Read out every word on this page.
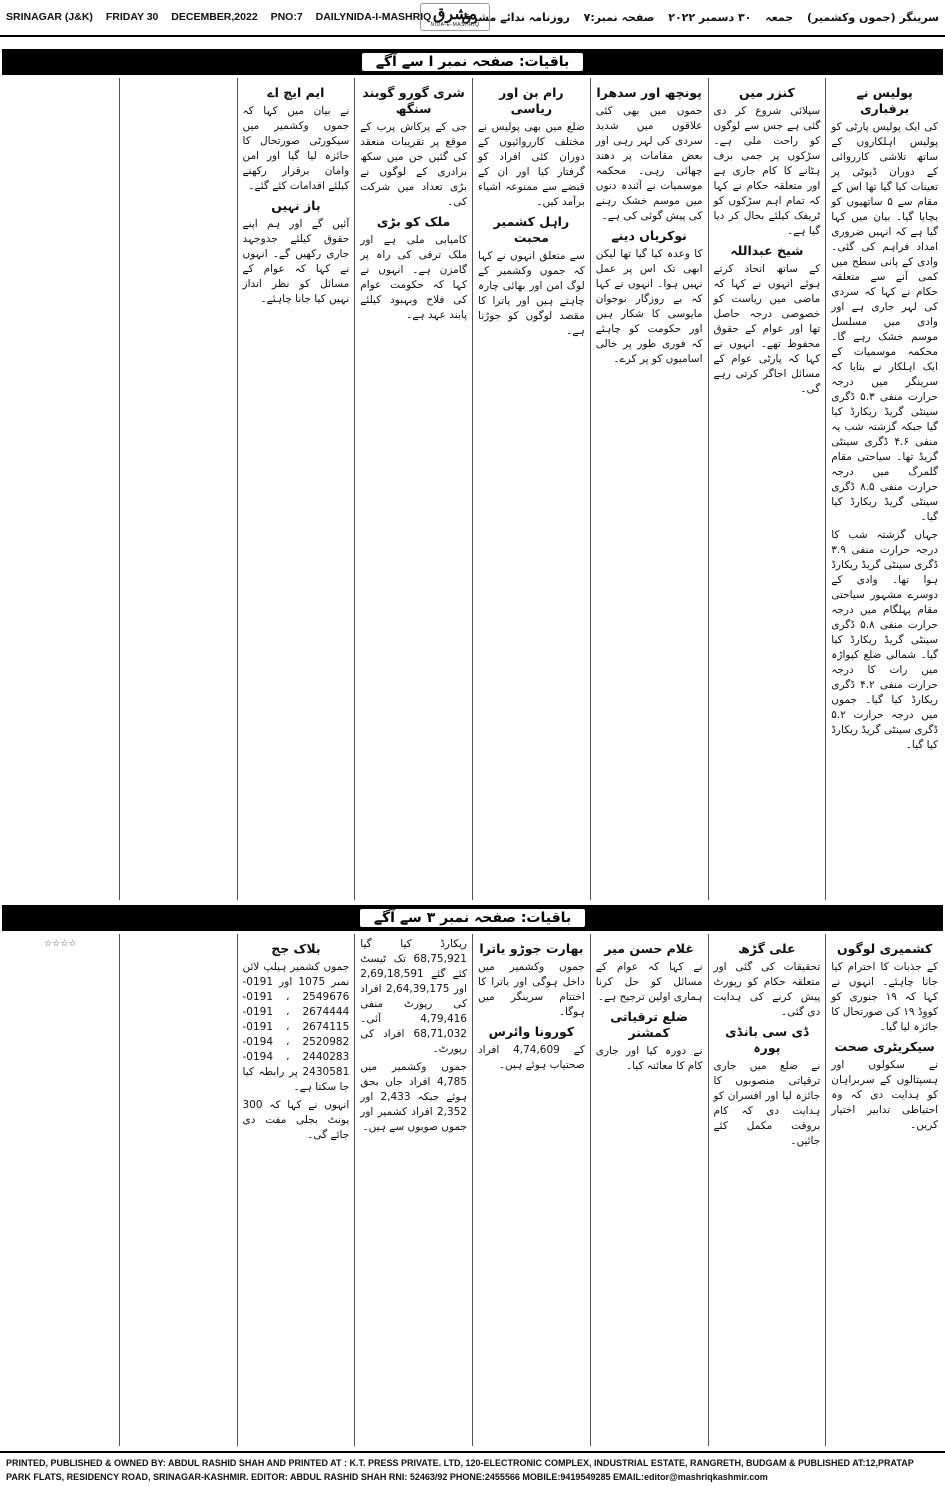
SRINAGAR (J&K) FRIDAY 30 DECEMBER,2022 PNO:7 DAILYNIDA-I-MASHRIQ مشرق
NIDA-E-MASHRIQ
سرینگر (جموں وکشمیر) جمعہ ۳۰ دسمبر ۲۰۲۲ صفحہ نمبر:۷ روزنامہ ندائے مشرق
باقیات: صفحہ نمبر ا سے آگے
پولیس نے برفباری

کی ایک پولیس پارٹی کو پولیس اہلکاروں کے ساتھ تلاشی کارروائی کے دوران ڈیوٹی پر تعینات کیا گیا تھا اس کے مقام سے ۵ ساتھیوں کو بچایا گیا۔ بیان میں کہا گیا ہے کہ انہیں ضروری امداد فراہم کی گئی۔ وادی کے پانی سطح میں کمی آنے سے متعلقہ حکام نے کہا کہ سردی کی لہر جاری ہے اور وادی میں مسلسل موسم خشک رہے گا۔ محکمہ موسمیات کے ایک اہلکار نے بتایا کہ سرینگر میں درجہ حرارت منفی ۵.۳ ڈگری سینٹی گریڈ ریکارڈ کیا گیا جبکہ گزشتہ شب یہ منفی ۴.۶ ڈگری سینٹی گریڈ تھا۔ سیاحتی مقام گلمرگ میں درجہ حرارت منفی ۸.۵ ڈگری سینٹی گریڈ ریکارڈ کیا گیا۔

جہاں گزشتہ شب کا درجہ حرارت منفی ۳.۹ ڈگری سینٹی گریڈ ریکارڈ ہوا تھا۔ وادی کے دوسرے مشہور سیاحتی مقام پہلگام میں درجہ حرارت منفی ۵.۸ ڈگری سینٹی گریڈ ریکارڈ کیا گیا۔ شمالی ضلع کپواڑہ میں رات کا درجہ حرارت منفی ۴.۲ ڈگری ریکارڈ کیا گیا۔ جموں میں درجہ حرارت ۵.۲ ڈگری سینٹی گریڈ ریکارڈ کیا گیا۔

کنزر میں

سپلائی شروع کر دی گئی ہے جس سے لوگوں کو راحت ملی ہے۔ سڑکوں پر جمی برف ہٹانے کا کام جاری ہے اور متعلقہ حکام نے کہا کہ تمام اہم سڑکوں کو ٹریفک کیلئے بحال کر دیا گیا ہے۔

شیخ عبداللہ

کے ساتھ اتحاد کرتے ہوئے انہوں نے کہا کہ ماضی میں ریاست کو خصوصی درجہ حاصل تھا اور عوام کے حقوق محفوظ تھے۔ انہوں نے کہا کہ پارٹی عوام کے مسائل اجاگر کرتی رہے گی۔

پونچھ اور سدھرا

جموں میں بھی کئی علاقوں میں شدید سردی کی لہر رہی اور بعض مقامات پر دھند چھائی رہی۔ محکمہ موسمیات نے آئندہ دنوں میں موسم خشک رہنے کی پیش گوئی کی ہے۔

نوکریاں دینے

کا وعدہ کیا گیا تھا لیکن ابھی تک اس پر عمل نہیں ہوا۔ انہوں نے کہا کہ بے روزگار نوجوان مایوسی کا شکار ہیں اور حکومت کو چاہئے کہ فوری طور پر خالی اسامیوں کو پر کرے۔

رام بن اور ریاسی

ضلع میں بھی پولیس نے مختلف کارروائیوں کے دوران کئی افراد کو گرفتار کیا اور ان کے قبضے سے ممنوعہ اشیاء برآمد کیں۔

راہل کشمیر محبت

سے متعلق انہوں نے کہا کہ جموں وکشمیر کے لوگ امن اور بھائی چارہ چاہتے ہیں اور یاترا کا مقصد لوگوں کو جوڑنا ہے۔

شری گورو گوبند سنگھ

جی کے پرکاش پرب کے موقع پر تقریبات منعقد کی گئیں جن میں سکھ برادری کے لوگوں نے بڑی تعداد میں شرکت کی۔

ملک کو بڑی

کامیابی ملی ہے اور ملک ترقی کی راہ پر گامزن ہے۔ انہوں نے کہا کہ حکومت عوام کی فلاح وبہبود کیلئے پابند عہد ہے۔

ایم ایچ اے

نے بیان میں کہا کہ جموں وکشمیر میں سیکورٹی صورتحال کا جائزہ لیا گیا اور امن وامان برقرار رکھنے کیلئے اقدامات کئے گئے۔

باز نہیں

آئیں گے اور ہم اپنے حقوق کیلئے جدوجہد جاری رکھیں گے۔ انہوں نے کہا کہ عوام کے مسائل کو نظر انداز نہیں کیا جانا چاہئے۔

باقیات: صفحہ نمبر ۳ سے آگے
کشمیری لوگوں

کے جذبات کا احترام کیا جانا چاہئے۔ انہوں نے کہا کہ ۱۹ جنوری کو کووِڈ ۱۹ کی صورتحال کا جائزہ لیا گیا۔

سیکریٹری صحت

نے سکولوں اور ہسپتالوں کے سربراہان کو ہدایت دی کہ وہ احتیاطی تدابیر اختیار کریں۔

علی گڑھ

تحقیقات کی گئی اور متعلقہ حکام کو رپورٹ پیش کرنے کی ہدایت دی گئی۔

ڈی سی بانڈی پورہ

نے ضلع میں جاری ترقیاتی منصوبوں کا جائزہ لیا اور افسران کو ہدایت دی کہ کام بروقت مکمل کئے جائیں۔

غلام حسن میر

نے کہا کہ عوام کے مسائل کو حل کرنا ہماری اولین ترجیح ہے۔

ضلع ترقیاتی کمشنر

نے دورہ کیا اور جاری کام کا معائنہ کیا۔

بھارت جوڑو یاترا

جموں وکشمیر میں داخل ہوگی اور یاترا کا اختتام سرینگر میں ہوگا۔

کورونا وائرس

کے 4,74,609 افراد صحتیاب ہوئے ہیں۔

ریکارڈ کیا گیا 68,75,921 تک ٹیسٹ کئے گئے 2,69,18,591 اور 2,64,39,175 افراد کی رپورٹ منفی 4,79,416 آئی۔ 68,71,032 افراد کی رپورٹ۔

جموں وکشمیر میں 4,785 افراد جاں بحق ہوئے جبکہ 2,433 اور 2,352 افراد کشمیر اور جموں صوبوں سے ہیں۔

بلاک جج

جموں کشمیر ہیلپ لائن نمبر 1075 اور 0191-2549676 ، 0191-2674444 ، 0191-2674115 ، 0191-2520982 ، 0194-2440283 ، 0194-2430581 پر رابطہ کیا جا سکتا ہے۔

انہوں نے کہا کہ 300 یونٹ بجلی مفت دی جائے گی۔

☆☆☆☆
PRINTED, PUBLISHED & OWNED BY: ABDUL RASHID SHAH AND PRINTED AT : K.T. PRESS PRIVATE. LTD, 120-ELECTRONIC COMPLEX, INDUSTRIAL ESTATE, RANGRETH, BUDGAM & PUBLISHED AT:12,PRATAP
PARK FLATS, RESIDENCY ROAD, SRINAGAR-KASHMIR. EDITOR: ABDUL RASHID SHAH RNI: 52463/92 PHONE:2455566 MOBILE:9419549285 EMAIL:editor@mashriqkashmir.com
